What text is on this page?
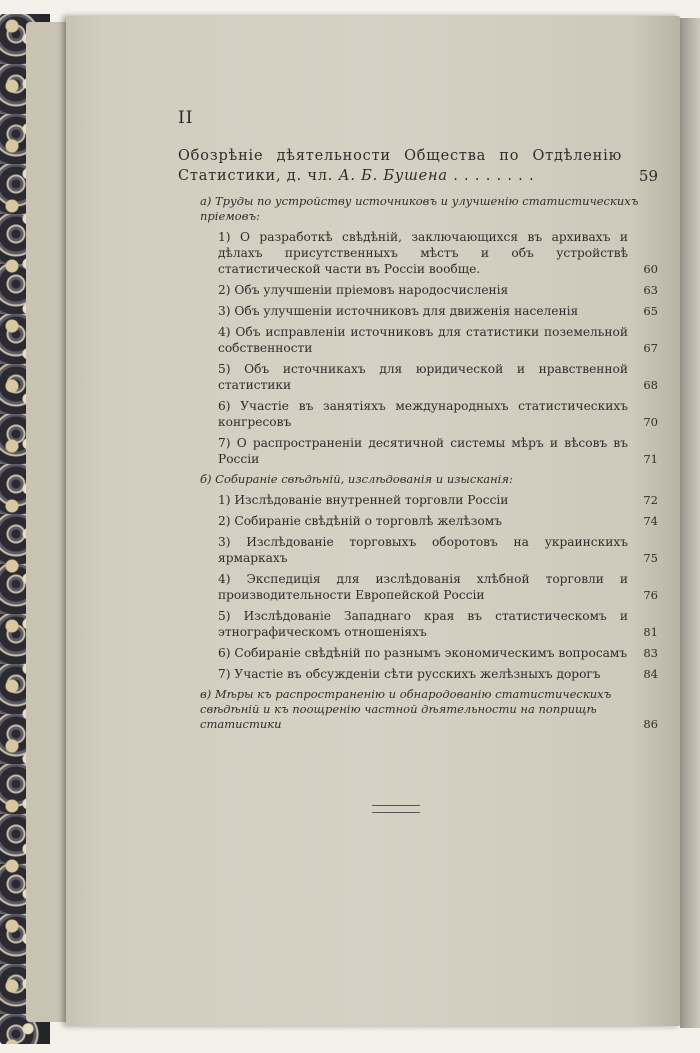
II
Обозрѣніе дѣятельности Общества по Отдѣленію Статистики, д. чл. А. Б. Бушена . . . . . . . .	59
а) Труды по устройству источниковъ и улучшенію статистическихъ пріемовъ:
1) О разработкѣ свѣдѣній, заключающихся въ архивахъ и дѣлахъ присутственныхъ мѣстъ и объ устройствѣ статистической части въ Россіи вообще.	60
2) Объ улучшеніи пріемовъ народосчисленія	63
3) Объ улучшеніи источниковъ для движенія населенія	65
4) Объ исправленіи источниковъ для статистики поземельной собственности	67
5) Объ источникахъ для юридической и нравственной статистики	68
6) Участіе въ занятіяхъ международныхъ статистическихъ конгресовъ	70
7) О распространеніи десятичной системы мѣръ и вѣсовъ въ Россіи	71
б) Собираніе свѣдѣній, изслѣдованія и изысканія:
1) Изслѣдованіе внутренней торговли Россіи	72
2) Собираніе свѣдѣній о торговлѣ желѣзомъ	74
3) Изслѣдованіе торговыхъ оборотовъ на украинскихъ ярмаркахъ	75
4) Экспедиція для изслѣдованія хлѣбной торговли и производительности Европейской Россіи	76
5) Изслѣдованіе Западнаго края въ статистическомъ и этнографическомъ отношеніяхъ	81
6) Собираніе свѣдѣній по разнымъ экономическимъ вопросамъ	83
7) Участіе въ обсужденіи сѣти русскихъ желѣзныхъ дорогъ	84
в) Мѣры къ распространенію и обнародованію статистическихъ свѣдѣній и къ поощренію частной дѣятельности на поприщѣ статистики	86
